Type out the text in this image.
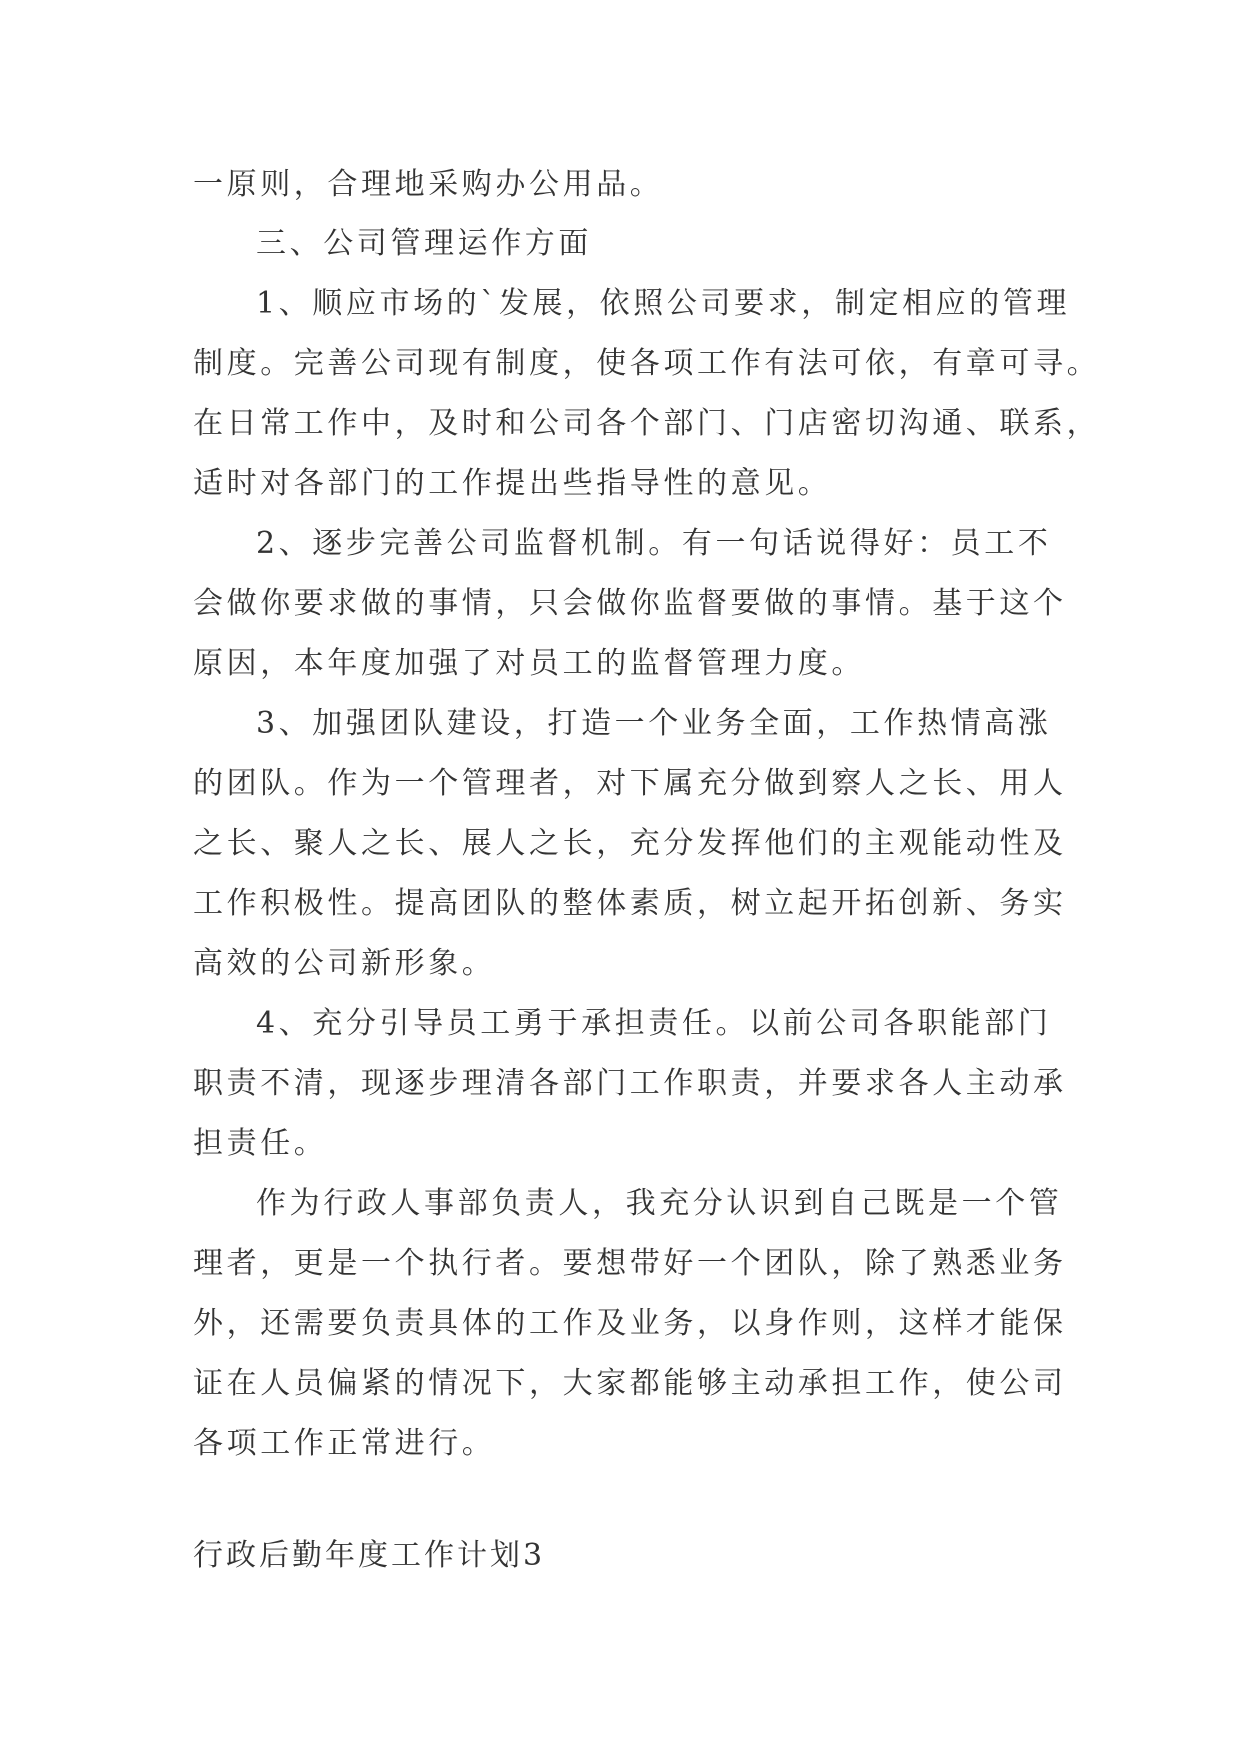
一原则，合理地采购办公用品。
三、公司管理运作方面
1、顺应市场的`发展，依照公司要求，制定相应的管理
制度。完善公司现有制度，使各项工作有法可依，有章可寻。
在日常工作中，及时和公司各个部门、门店密切沟通、联系，
适时对各部门的工作提出些指导性的意见。
2、逐步完善公司监督机制。有一句话说得好：员工不
会做你要求做的事情，只会做你监督要做的事情。基于这个
原因，本年度加强了对员工的监督管理力度。
3、加强团队建设，打造一个业务全面，工作热情高涨
的团队。作为一个管理者，对下属充分做到察人之长、用人
之长、聚人之长、展人之长，充分发挥他们的主观能动性及
工作积极性。提高团队的整体素质，树立起开拓创新、务实
高效的公司新形象。
4、充分引导员工勇于承担责任。以前公司各职能部门
职责不清，现逐步理清各部门工作职责，并要求各人主动承
担责任。
作为行政人事部负责人，我充分认识到自己既是一个管
理者，更是一个执行者。要想带好一个团队，除了熟悉业务
外，还需要负责具体的工作及业务，以身作则，这样才能保
证在人员偏紧的情况下，大家都能够主动承担工作，使公司
各项工作正常进行。
行政后勤年度工作计划3
